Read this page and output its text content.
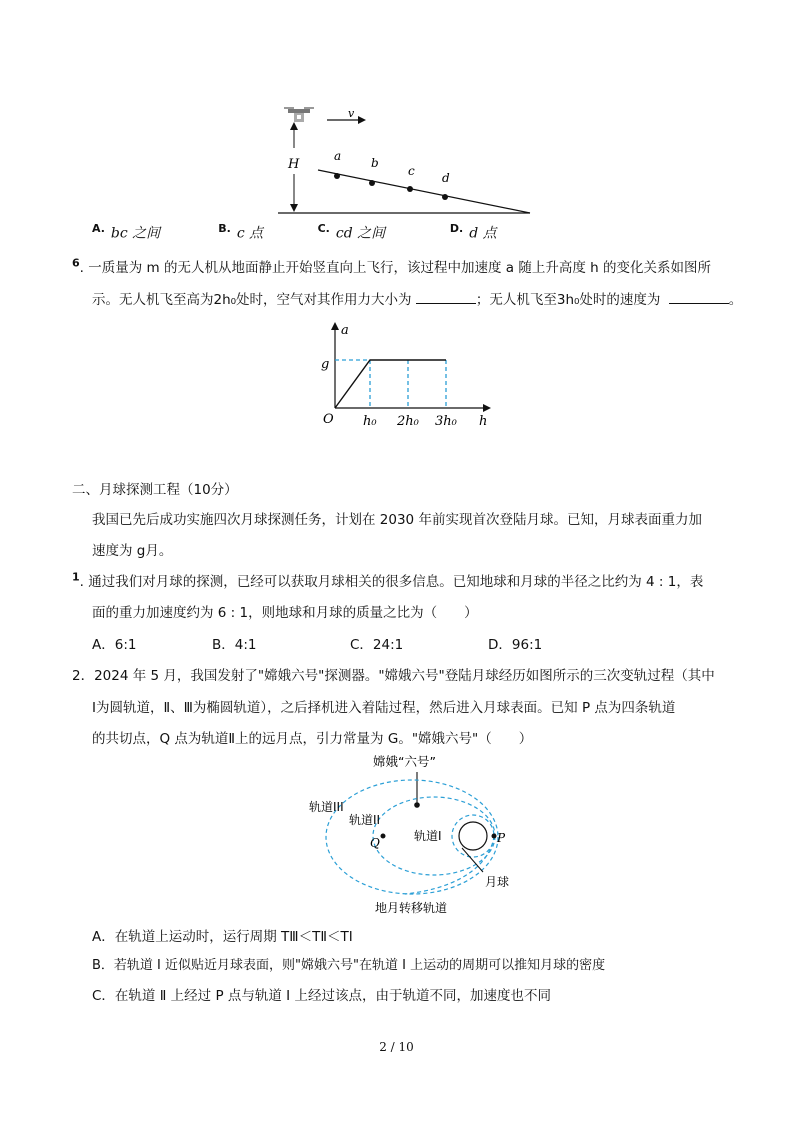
v
H
a b
c d
$^{A.}$ bc 之间	$^{B.}$ c 点	$^{C.}$ cd 之间	$^{D.}$ d 点
$^6$. 一质量为 m 的无人机从地面静止开始竖直向上飞行，该过程中加速度 a 随上升高度 h 的变化关系如图所
示。无人机飞至高为2h₀处时，空气对其作用力大小为	；无人机飞至3h₀处时的速度为	。
a
h
O
g
h₀ 2h₀ 3h₀
二、月球探测工程（10分）
我国已先后成功实施四次月球探测任务，计划在 2030 年前实现首次登陆月球。已知，月球表面重力加
速度为 g月。
$^1$. 通过我们对月球的探测，已经可以获取月球相关的很多信息。已知地球和月球的半径之比约为 4 : 1，表
面的重力加速度约为 6 : 1，则地球和月球的质量之比为（　　）
A．6:1	B．4:1	C．24:1	D．96:1
2．2024 年 5 月，我国发射了"嫦娥六号"探测器。"嫦娥六号"登陆月球经历如图所示的三次变轨过程（其中
Ⅰ为圆轨道，Ⅱ、Ⅲ为椭圆轨道），之后择机进入着陆过程，然后进入月球表面。已知 P 点为四条轨道
的共切点，Q 点为轨道Ⅱ上的远月点，引力常量为 G。"嫦娥六号"（　　）
嫦娥“六号”
轨道III
轨道II
轨道I
Q	P
月球
地月转移轨道
A．在轨道上运动时，运行周期 TⅢ＜TⅡ＜TⅠ
B．若轨道 Ⅰ 近似贴近月球表面，则"嫦娥六号"在轨道 Ⅰ 上运动的周期可以推知月球的密度
C．在轨道 Ⅱ 上经过 P 点与轨道 Ⅰ 上经过该点，由于轨道不同，加速度也不同
2 / 10
